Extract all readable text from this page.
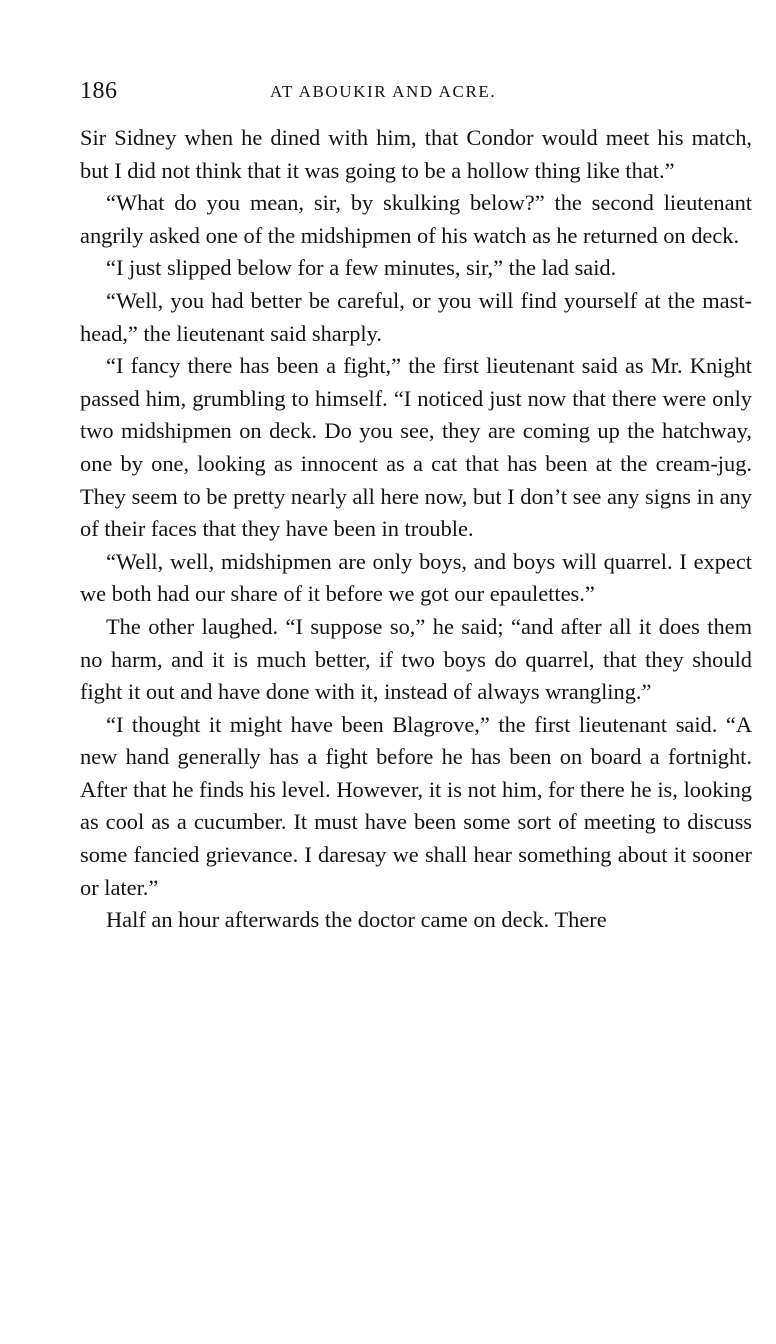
186	AT ABOUKIR AND ACRE.

Sir Sidney when he dined with him, that Condor would meet his match, but I did not think that it was going to be a hollow thing like that.”

“What do you mean, sir, by skulking below?” the second lieutenant angrily asked one of the midshipmen of his watch as he returned on deck.

“I just slipped below for a few minutes, sir,” the lad said.

“Well, you had better be careful, or you will find yourself at the mast-head,” the lieutenant said sharply.

“I fancy there has been a fight,” the first lieutenant said as Mr. Knight passed him, grumbling to himself. “I noticed just now that there were only two midshipmen on deck. Do you see, they are coming up the hatchway, one by one, looking as innocent as a cat that has been at the cream-jug. They seem to be pretty nearly all here now, but I don’t see any signs in any of their faces that they have been in trouble.

“Well, well, midshipmen are only boys, and boys will quarrel. I expect we both had our share of it before we got our epaulettes.”

The other laughed. “I suppose so,” he said; “and after all it does them no harm, and it is much better, if two boys do quarrel, that they should fight it out and have done with it, instead of always wrangling.”

“I thought it might have been Blagrove,” the first lieutenant said. “A new hand generally has a fight before he has been on board a fortnight. After that he finds his level. However, it is not him, for there he is, looking as cool as a cucumber. It must have been some sort of meeting to discuss some fancied grievance. I daresay we shall hear something about it sooner or later.”

Half an hour afterwards the doctor came on deck. There
